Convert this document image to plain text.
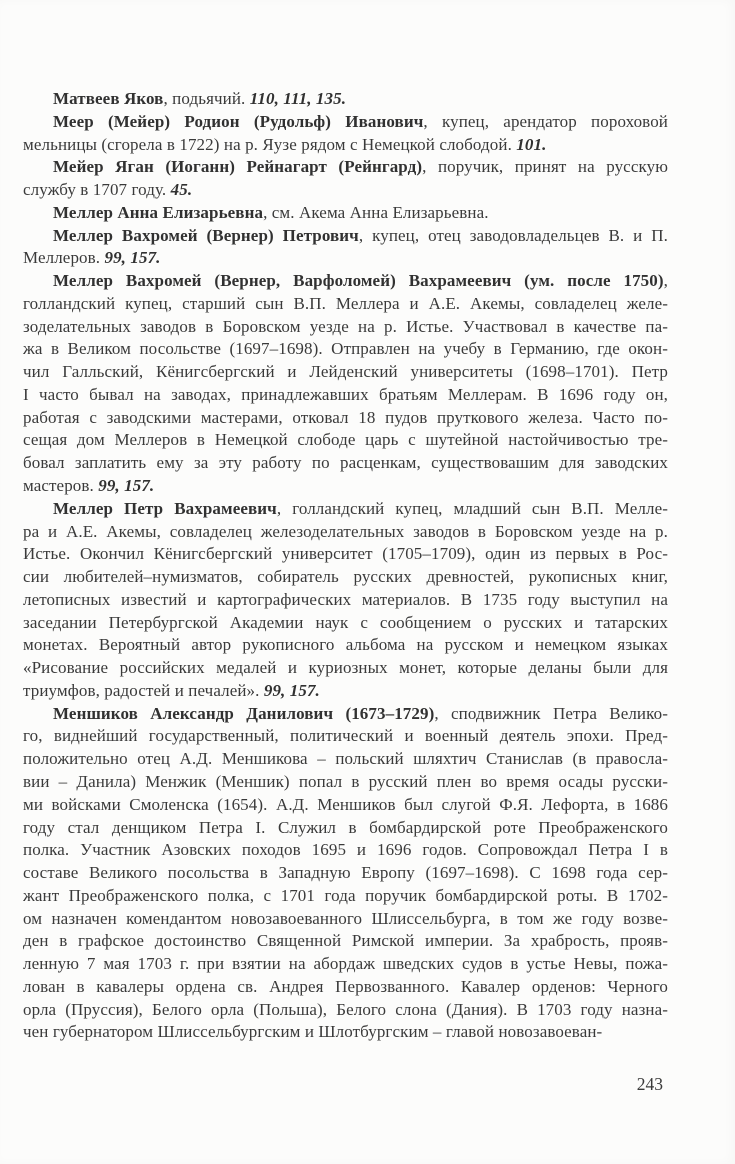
Матвеев Яков, подьячий. 110, 111, 135.
Меер (Мейер) Родион (Рудольф) Иванович, купец, арендатор пороховой
мельницы (сгорела в 1722) на р. Яузе рядом с Немецкой слободой. 101.
Мейер Яган (Иоганн) Рейнагарт (Рейнгард), поручик, принят на русскую
службу в 1707 году. 45.
Меллер Анна Елизарьевна, см. Акема Анна Елизарьевна.
Меллер Вахромей (Вернер) Петрович, купец, отец заводовладельцев В. и П.
Меллеров. 99, 157.
Меллер Вахромей (Вернер, Варфоломей) Вахрамеевич (ум. после 1750),
голландский купец, старший сын В.П. Меллера и А.Е. Акемы, совладелец желе-
зоделательных заводов в Боровском уезде на р. Истье. Участвовал в качестве па-
жа в Великом посольстве (1697–1698). Отправлен на учебу в Германию, где окон-
чил Галльский, Кёнигсбергский и Лейденский университеты (1698–1701). Петр
I часто бывал на заводах, принадлежавших братьям Меллерам. В 1696 году он,
работая с заводскими мастерами, отковал 18 пудов пруткового железа. Часто по-
сещая дом Меллеров в Немецкой слободе царь с шутейной настойчивостью тре-
бовал заплатить ему за эту работу по расценкам, существовашим для заводских
мастеров. 99, 157.
Меллер Петр Вахрамеевич, голландский купец, младший сын В.П. Мелле-
ра и А.Е. Акемы, совладелец железоделательных заводов в Боровском уезде на р.
Истье. Окончил Кёнигсбергский университет (1705–1709), один из первых в Рос-
сии любителей–нумизматов, собиратель русских древностей, рукописных книг,
летописных известий и картографических материалов. В 1735 году выступил на
заседании Петербургской Академии наук с сообщением о русских и татарских
монетах. Вероятный автор рукописного альбома на русском и немецком языках
«Рисование российских медалей и куриозных монет, которые деланы были для
триумфов, радостей и печалей». 99, 157.
Меншиков Александр Данилович (1673–1729), сподвижник Петра Велико-
го, виднейший государственный, политический и военный деятель эпохи. Пред-
положительно отец А.Д. Меншикова – польский шляхтич Станислав (в правосла-
вии – Данила) Менжик (Меншик) попал в русский плен во время осады русски-
ми войсками Смоленска (1654). А.Д. Меншиков был слугой Ф.Я. Лефорта, в 1686
году стал денщиком Петра I. Служил в бомбардирской роте Преображенского
полка. Участник Азовских походов 1695 и 1696 годов. Сопровождал Петра I в
составе Великого посольства в Западную Европу (1697–1698). С 1698 года сер-
жант Преображенского полка, с 1701 года поручик бомбардирской роты. В 1702-
ом назначен комендантом новозавоеванного Шлиссельбурга, в том же году возве-
ден в графское достоинство Священной Римской империи. За храбрость, прояв-
ленную 7 мая 1703 г. при взятии на абордаж шведских судов в устье Невы, пожа-
лован в кавалеры ордена св. Андрея Первозванного. Кавалер орденов: Черного
орла (Пруссия), Белого орла (Польша), Белого слона (Дания). В 1703 году назна-
чен губернатором Шлиссельбургским и Шлотбургским – главой новозавоеван-
243
